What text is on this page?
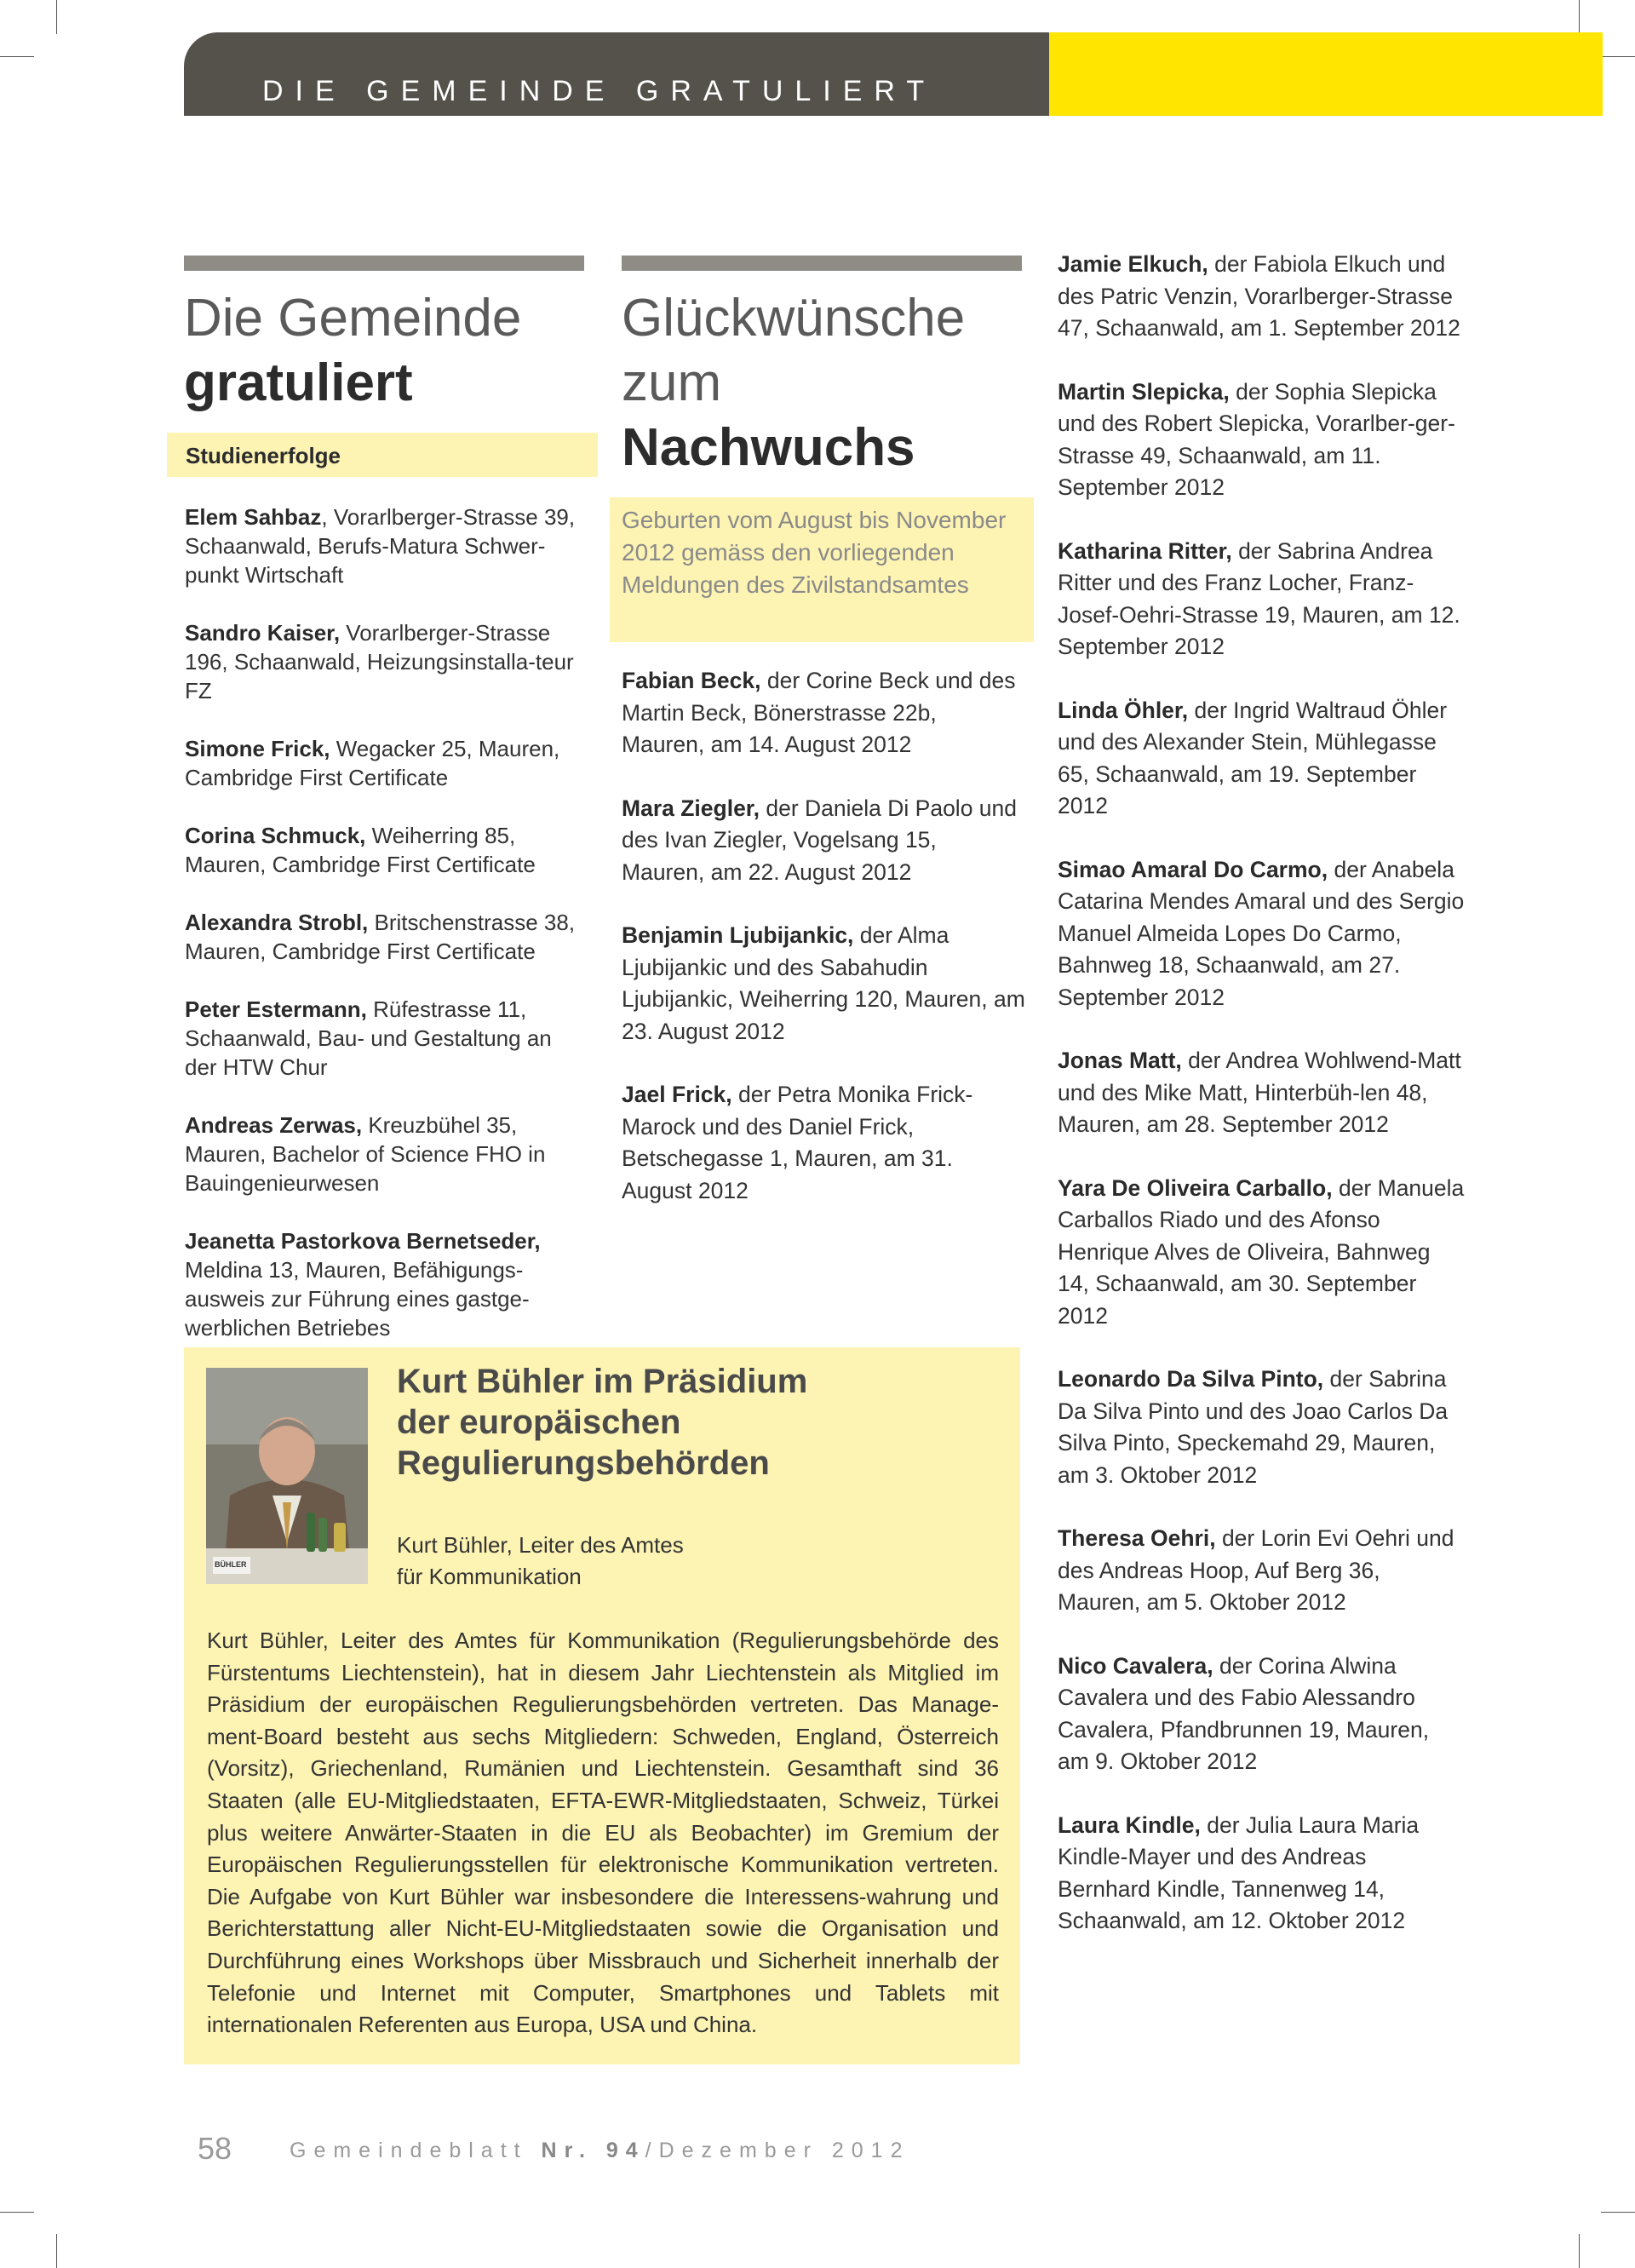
DIE GEMEINDE GRATULIERT
Die Gemeinde
gratuliert
Studienerfolge

Elem Sahbaz, Vorarlberger-Strasse 39, Schaanwald, Berufs-Matura Schwer-punkt Wirtschaft

Sandro Kaiser, Vorarlberger-Strasse 196, Schaanwald, Heizungsinstalla-teur FZ

Simone Frick, Wegacker 25, Mauren, Cambridge First Certificate

Corina Schmuck, Weiherring 85, Mauren, Cambridge First Certificate

Alexandra Strobl, Britschenstrasse 38, Mauren, Cambridge First Certificate

Peter Estermann, Rüfestrasse 11, Schaanwald, Bau- und Gestaltung an der HTW Chur

Andreas Zerwas, Kreuzbühel 35, Mauren, Bachelor of Science FHO in Bauingenieurwesen

Jeanetta Pastorkova Bernetseder, Meldina 13, Mauren, Befähigungs-ausweis zur Führung eines gastge-werblichen Betriebes

Glückwünsche
zum
Nachwuchs
Geburten vom August bis November 2012 gemäss den vorliegenden Meldungen des Zivilstandsamtes

Fabian Beck, der Corine Beck und des Martin Beck, Bönerstrasse 22b, Mauren, am 14. August 2012

Mara Ziegler, der Daniela Di Paolo und des Ivan Ziegler, Vogelsang 15, Mauren, am 22. August 2012

Benjamin Ljubijankic, der Alma Ljubijankic und des Sabahudin Ljubijankic, Weiherring 120, Mauren, am 23. August 2012

Jael Frick, der Petra Monika Frick-Marock und des Daniel Frick, Betschegasse 1, Mauren, am 31. August 2012

Jamie Elkuch, der Fabiola Elkuch und des Patric Venzin, Vorarlberger-Strasse 47, Schaanwald, am 1. September 2012

Martin Slepicka, der Sophia Slepicka und des Robert Slepicka, Vorarlber-ger-Strasse 49, Schaanwald, am 11. September 2012

Katharina Ritter, der Sabrina Andrea Ritter und des Franz Locher, Franz-Josef-Oehri-Strasse 19, Mauren, am 12. September 2012

Linda Öhler, der Ingrid Waltraud Öhler und des Alexander Stein, Mühlegasse 65, Schaanwald, am 19. September 2012

Simao Amaral Do Carmo, der Anabela Catarina Mendes Amaral und des Sergio Manuel Almeida Lopes Do Carmo, Bahnweg 18, Schaanwald, am 27. September 2012

Jonas Matt, der Andrea Wohlwend-Matt und des Mike Matt, Hinterbüh-len 48, Mauren, am 28. September 2012

Yara De Oliveira Carballo, der Manuela Carballos Riado und des Afonso Henrique Alves de Oliveira, Bahnweg 14, Schaanwald, am 30. September 2012

Leonardo Da Silva Pinto, der Sabrina Da Silva Pinto und des Joao Carlos Da Silva Pinto, Speckemahd 29, Mauren, am 3. Oktober 2012

Theresa Oehri, der Lorin Evi Oehri und des Andreas Hoop, Auf Berg 36, Mauren, am 5. Oktober 2012

Nico Cavalera, der Corina Alwina Cavalera und des Fabio Alessandro Cavalera, Pfandbrunnen 19, Mauren, am 9. Oktober 2012

Laura Kindle, der Julia Laura Maria Kindle-Mayer und des Andreas Bernhard Kindle, Tannenweg 14, Schaanwald, am 12. Oktober 2012

BÜHLER
Kurt Bühler im Präsidium
der europäischen
Regulierungsbehörden
Kurt Bühler, Leiter des Amtes
für Kommunikation
Kurt Bühler, Leiter des Amtes für Kommunikation (Regulierungsbehörde des Fürstentums Liechtenstein), hat in diesem Jahr Liechtenstein als Mitglied im Präsidium der europäischen Regulierungsbehörden vertreten. Das Manage-ment-Board besteht aus sechs Mitgliedern: Schweden, England, Österreich (Vorsitz), Griechenland, Rumänien und Liechtenstein. Gesamthaft sind 36 Staaten (alle EU-Mitgliedstaaten, EFTA-EWR-Mitgliedstaaten, Schweiz, Türkei plus weitere Anwärter-Staaten in die EU als Beobachter) im Gremium der Europäischen Regulierungsstellen für elektronische Kommunikation vertreten. Die Aufgabe von Kurt Bühler war insbesondere die Interessens-wahrung und Berichterstattung aller Nicht-EU-Mitgliedstaaten sowie die Organisation und Durchführung eines Workshops über Missbrauch und Sicherheit innerhalb der Telefonie und Internet mit Computer, Smartphones und Tablets mit internationalen Referenten aus Europa, USA und China.
58	Gemeindeblatt Nr. 94/Dezember 2012
